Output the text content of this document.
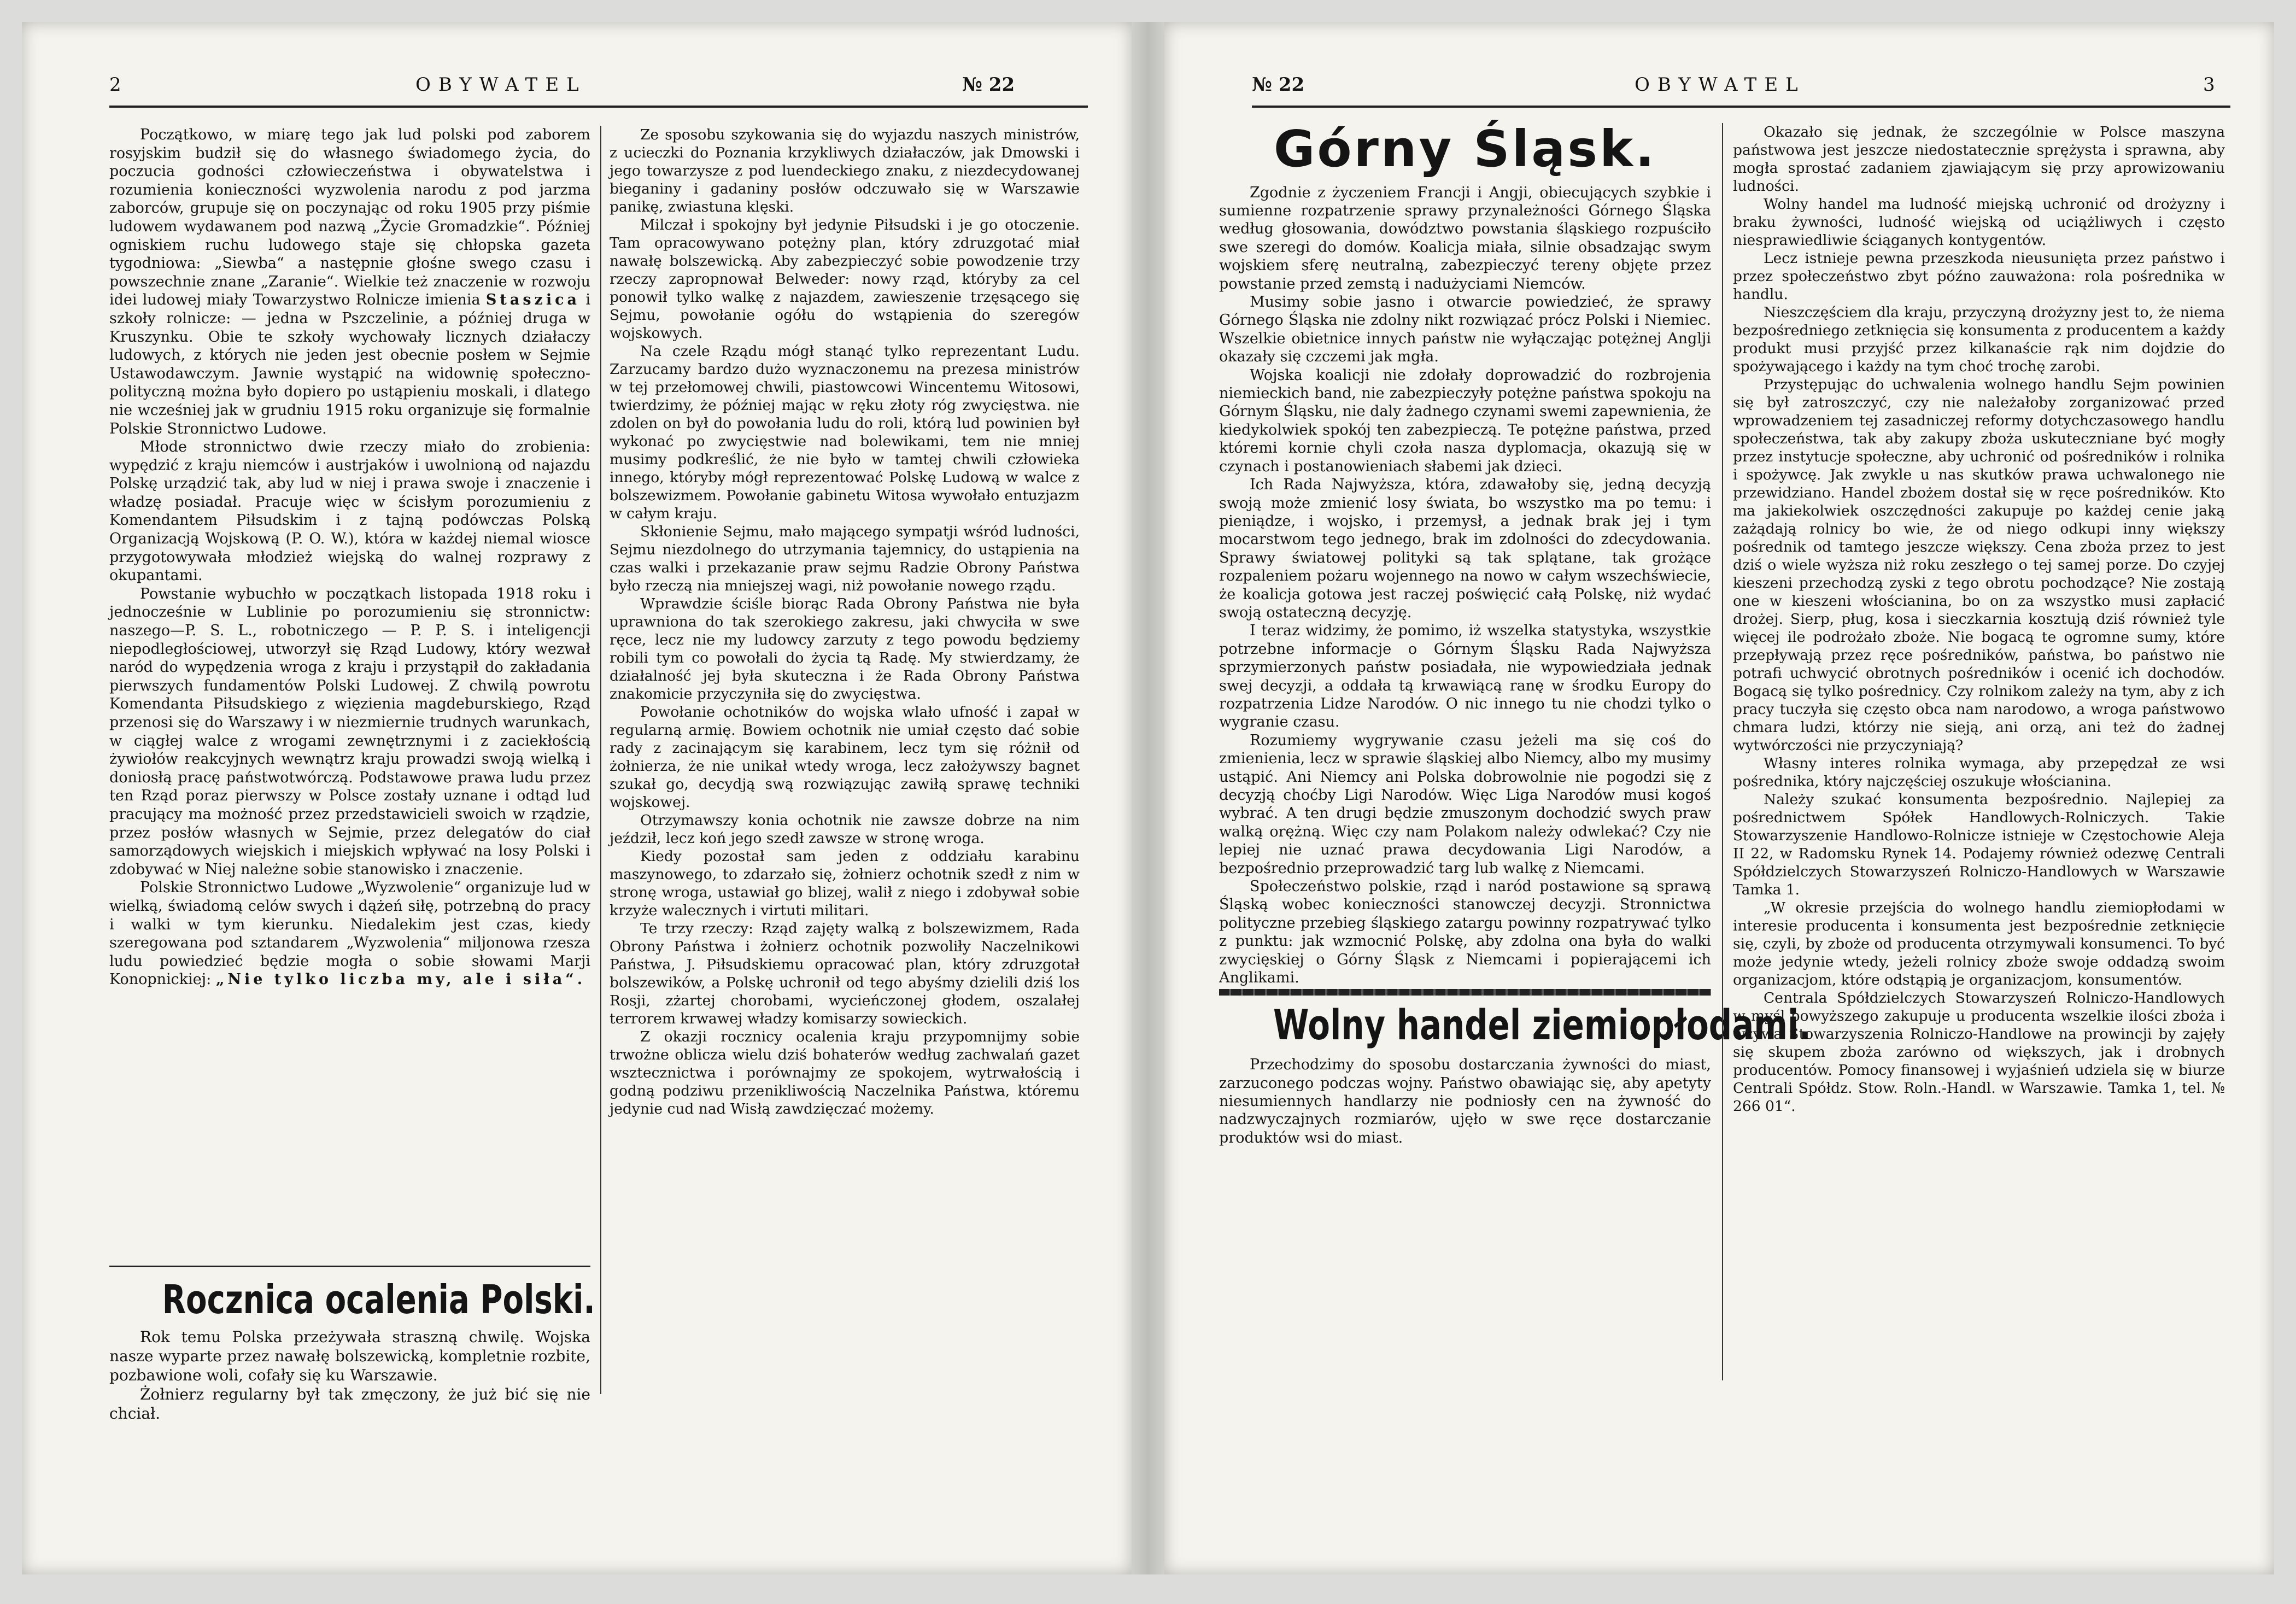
2	OBYWATEL	№ 22

Początkowo, w miarę tego jak lud polski pod zaborem rosyjskim budził się do własnego świadomego życia, do poczucia godności człowieczeństwa i obywatelstwa i rozumienia konieczności wyzwolenia narodu z pod jarzma zaborców, grupuje się on poczynając od roku 1905 przy piśmie ludowem wydawanem pod nazwą „Życie Gromadzkie“. Później ogniskiem ruchu ludowego staje się chłopska gazeta tygodniowa: „Siewba“ a następnie głośne swego czasu i powszechnie znane „Zaranie“. Wielkie też znaczenie w rozwoju idei ludowej miały Towarzystwo Rolnicze imienia Staszica i szkoły rolnicze: — jedna w Pszczelinie, a później druga w Kruszynku. Obie te szkoły wychowały licznych działaczy ludowych, z których nie jeden jest obecnie posłem w Sejmie Ustawodawczym. Jawnie wystąpić na widownię społeczno-polityczną można było dopiero po ustąpieniu moskali, i dlatego nie wcześniej jak w grudniu 1915 roku organizuje się formalnie Polskie Stronnictwo Ludowe.

Młode stronnictwo dwie rzeczy miało do zrobienia: wypędzić z kraju niemców i austrjaków i uwolnioną od najazdu Polskę urządzić tak, aby lud w niej i prawa swoje i znaczenie i władzę posiadał. Pracuje więc w ścisłym porozumieniu z Komendantem Piłsudskim i z tajną podówczas Polską Organizacją Wojskową (P. O. W.), która w każdej niemal wiosce przygotowywała młodzież wiejską do walnej rozprawy z okupantami.

Powstanie wybuchło w początkach listopada 1918 roku i jednocześnie w Lublinie po porozumieniu się stronnictw: naszego—P. S. L., robotniczego — P. P. S. i inteligencji niepodległościowej, utworzył się Rząd Ludowy, który wezwał naród do wypędzenia wroga z kraju i przystąpił do zakładania pierwszych fundamentów Polski Ludowej. Z chwilą powrotu Komendanta Piłsudskiego z więzienia magdeburskiego, Rząd przenosi się do Warszawy i w niezmiernie trudnych warunkach, w ciągłej walce z wrogami zewnętrznymi i z zaciekłością żywiołów reakcyjnych wewnątrz kraju prowadzi swoją wielką i doniosłą pracę państwotwórczą. Podstawowe prawa ludu przez ten Rząd poraz pierwszy w Polsce zostały uznane i odtąd lud pracujący ma możność przez przedstawicieli swoich w rządzie, przez posłów własnych w Sejmie, przez delegatów do ciał samorządowych wiejskich i miejskich wpływać na losy Polski i zdobywać w Niej należne sobie stanowisko i znaczenie.

Polskie Stronnictwo Ludowe „Wyzwolenie“ organizuje lud w wielką, świadomą celów swych i dążeń siłę, potrzebną do pracy i walki w tym kierunku. Niedalekim jest czas, kiedy szeregowana pod sztandarem „Wyzwolenia“ miljonowa rzesza ludu powiedzieć będzie mogła o sobie słowami Marji Konopnickiej: „Nie tylko liczba my, ale i siła“.

Rocznica ocalenia Polski.

Rok temu Polska przeżywała straszną chwilę. Wojska nasze wyparte przez nawałę bolszewicką, kompletnie rozbite, pozbawione woli, cofały się ku Warszawie.

Żołnierz regularny był tak zmęczony, że już bić się nie chciał.

Ze sposobu szykowania się do wyjazdu naszych ministrów, z ucieczki do Poznania krzykliwych działaczów, jak Dmowski i jego towarzysze z pod luendeckiego znaku, z niezdecydowanej bieganiny i gadaniny posłów odczuwało się w Warszawie panikę, zwiastuna klęski.

Milczał i spokojny był jedynie Piłsudski i je go otoczenie. Tam opracowywano potężny plan, który zdruzgotać miał nawałę bolszewicką. Aby zabezpieczyć sobie powodzenie trzy rzeczy zapropnował Belweder: nowy rząd, któryby za cel ponowił tylko walkę z najazdem, zawieszenie trzęsącego się Sejmu, powołanie ogółu do wstąpienia do szeregów wojskowych.

Na czele Rządu mógł stanąć tylko reprezentant Ludu. Zarzucamy bardzo dużo wyznaczonemu na prezesa ministrów w tej przełomowej chwili, piastowcowi Wincentemu Witosowi, twierdzimy, że później mając w ręku złoty róg zwycięstwa. nie zdolen on był do powołania ludu do roli, którą lud powinien był wykonać po zwycięstwie nad bolewikami, tem nie mniej musimy podkreślić, że nie było w tamtej chwili człowieka innego, któryby mógł reprezentować Polskę Ludową w walce z bolszewizmem. Powołanie gabinetu Witosa wywołało entuzjazm w całym kraju.

Skłonienie Sejmu, mało mającego sympatji wśród ludności, Sejmu niezdolnego do utrzymania tajemnicy, do ustąpienia na czas walki i przekazanie praw sejmu Radzie Obrony Państwa było rzeczą nia mniejszej wagi, niż powołanie nowego rządu.

Wprawdzie ściśle biorąc Rada Obrony Państwa nie była uprawniona do tak szerokiego zakresu, jaki chwyciła w swe ręce, lecz nie my ludowcy zarzuty z tego powodu będziemy robili tym co powołali do życia tą Radę. My stwierdzamy, że działalność jej była skuteczna i że Rada Obrony Państwa znakomicie przyczyniła się do zwycięstwa.

Powołanie ochotników do wojska wlało ufność i zapał w regularną armię. Bowiem ochotnik nie umiał często dać sobie rady z zacinającym się karabinem, lecz tym się różnił od żołnierza, że nie unikał wtedy wroga, lecz założywszy bagnet szukał go, decydją swą rozwiązując zawiłą sprawę techniki wojskowej.

Otrzymawszy konia ochotnik nie zawsze dobrze na nim jeździł, lecz koń jego szedł zawsze w stronę wroga.

Kiedy pozostał sam jeden z oddziału karabinu maszynowego, to zdarzało się, żołnierz ochotnik szedł z nim w stronę wroga, ustawiał go blizej, walił z niego i zdobywał sobie krzyże walecznych i virtuti militari.

Te trzy rzeczy: Rząd zajęty walką z bolszewizmem, Rada Obrony Państwa i żołnierz ochotnik pozwoliły Naczelnikowi Państwa, J. Piłsudskiemu opracować plan, który zdruzgotał bolszewików, a Polskę uchronił od tego abyśmy dzielili dziś los Rosji, zżartej chorobami, wycieńczonej głodem, oszalałej terrorem krwawej władzy komisarzy sowieckich.

Z okazji rocznicy ocalenia kraju przypomnijmy sobie trwożne oblicza wielu dziś bohaterów według zachwalań gazet wsztecznictwa i porównajmy ze spokojem, wytrwałością i godną podziwu przenikliwością Naczelnika Państwa, któremu jedynie cud nad Wisłą zawdzięczać możemy.

№ 22	OBYWATEL	3
Górny Śląsk.

Zgodnie z życzeniem Francji i Angji, obiecujących szybkie i sumienne rozpatrzenie sprawy przynależności Górnego Śląska według głosowania, dowództwo powstania śląskiego rozpuściło swe szeregi do domów. Koalicja miała, silnie obsadzając swym wojskiem sferę neutralną, zabezpieczyć tereny objęte przez powstanie przed zemstą i nadużyciami Niemców.

Musimy sobie jasno i otwarcie powiedzieć, że sprawy Górnego Śląska nie zdolny nikt rozwiązać prócz Polski i Niemiec. Wszelkie obietnice innych państw nie wyłączając potężnej Anglji okazały się czczemi jak mgła.

Wojska koalicji nie zdołały doprowadzić do rozbrojenia niemieckich band, nie zabezpieczyły potężne państwa spokoju na Górnym Śląsku, nie daly żadnego czynami swemi zapewnienia, że kiedykolwiek spokój ten zabezpieczą. Te potężne państwa, przed któremi kornie chyli czoła nasza dyplomacja, okazują się w czynach i postanowieniach słabemi jak dzieci.

Ich Rada Najwyższa, która, zdawałoby się, jedną decyzją swoją może zmienić losy świata, bo wszystko ma po temu: i pieniądze, i wojsko, i przemysł, a jednak brak jej i tym mocarstwom tego jednego, brak im zdolności do zdecydowania. Sprawy światowej polityki są tak splątane, tak grożące rozpaleniem pożaru wojennego na nowo w całym wszechświecie, że koalicja gotowa jest raczej poświęcić całą Polskę, niż wydać swoją ostateczną decyzję.

I teraz widzimy, że pomimo, iż wszelka statystyka, wszystkie potrzebne informacje o Górnym Śląsku Rada Najwyższa sprzymierzonych państw posiadała, nie wypowiedziała jednak swej decyzji, a oddała tą krwawiącą ranę w środku Europy do rozpatrzenia Lidze Narodów. O nic innego tu nie chodzi tylko o wygranie czasu.

Rozumiemy wygrywanie czasu jeżeli ma się coś do zmienienia, lecz w sprawie śląskiej albo Niemcy, albo my musimy ustąpić. Ani Niemcy ani Polska dobrowolnie nie pogodzi się z decyzją choćby Ligi Narodów. Więc Liga Narodów musi kogoś wybrać. A ten drugi będzie zmuszonym dochodzić swych praw walką orężną. Więc czy nam Polakom należy odwlekać? Czy nie lepiej nie uznać prawa decydowania Ligi Narodów, a bezpośrednio przeprowadzić targ lub walkę z Niemcami.

Społeczeństwo polskie, rząd i naród postawione są sprawą Śląską wobec konieczności stanowczej decyzji. Stronnictwa polityczne przebieg śląskiego zatargu powinny rozpatrywać tylko z punktu: jak wzmocnić Polskę, aby zdolna ona była do walki zwycięskiej o Górny Śląsk z Niemcami i popierającemi ich Anglikami.

Wolny handel ziemiopłodami.

Przechodzimy do sposobu dostarczania żywności do miast, zarzuconego podczas wojny. Państwo obawiając się, aby apetyty niesumiennych handlarzy nie podniosły cen na żywność do nadzwyczajnych rozmiarów, ujęło w swe ręce dostarczanie produktów wsi do miast.

Okazało się jednak, że szczególnie w Polsce maszyna państwowa jest jeszcze niedostatecznie sprężysta i sprawna, aby mogła sprostać zadaniem zjawiającym się przy aprowizowaniu ludności.

Wolny handel ma ludność miejską uchronić od drożyzny i braku żywności, ludność wiejską od uciążliwych i często niesprawiedliwie ściąganych kontygentów.

Lecz istnieje pewna przeszkoda nieusunięta przez państwo i przez społeczeństwo zbyt późno zauważona: rola pośrednika w handlu.

Nieszczęściem dla kraju, przyczyną drożyzny jest to, że niema bezpośredniego zetknięcia się konsumenta z producentem a każdy produkt musi przyjść przez kilkanaście rąk nim dojdzie do spożywającego i każdy na tym choć trochę zarobi.

Przystępując do uchwalenia wolnego handlu Sejm powinien się był zatroszczyć, czy nie należałoby zorganizować przed wprowadzeniem tej zasadniczej reformy dotychczasowego handlu społeczeństwa, tak aby zakupy zboża uskuteczniane być mogły przez instytucje społeczne, aby uchronić od pośredników i rolnika i spożywcę. Jak zwykle u nas skutków prawa uchwalonego nie przewidziano. Handel zbożem dostał się w ręce pośredników. Kto ma jakiekolwiek oszczędności zakupuje po każdej cenie jaką zażądają rolnicy bo wie, że od niego odkupi inny większy pośrednik od tamtego jeszcze większy. Cena zboża przez to jest dziś o wiele wyższa niż roku zeszłego o tej samej porze. Do czyjej kieszeni przechodzą zyski z tego obrotu pochodzące? Nie zostają one w kieszeni włościanina, bo on za wszystko musi zapłacić drożej. Sierp, pług, kosa i sieczkarnia kosztują dziś również tyle więcej ile podrożało zboże. Nie bogacą te ogromne sumy, które przepływają przez ręce pośredników, państwa, bo państwo nie potrafi uchwycić obrotnych pośredników i ocenić ich dochodów. Bogacą się tylko pośrednicy. Czy rolnikom zależy na tym, aby z ich pracy tuczyła się często obca nam narodowo, a wroga państwowo chmara ludzi, którzy nie sieją, ani orzą, ani też do żadnej wytwórczości nie przyczyniają?

Własny interes rolnika wymaga, aby przepędzał ze wsi pośrednika, który najczęściej oszukuje włościanina.

Należy szukać konsumenta bezpośrednio. Najlepiej za pośrednictwem Spółek Handlowych-Rolniczych. Takie Stowarzyszenie Handlowo-Rolnicze istnieje w Częstochowie Aleja II 22, w Radomsku Rynek 14. Podajemy również odezwę Centrali Spółdzielczych Stowarzyszeń Rolniczo-Handlowych w Warszawie Tamka 1.

„W okresie przejścia do wolnego handlu ziemiopłodami w interesie producenta i konsumenta jest bezpośrednie zetknięcie się, czyli, by zboże od producenta otrzymywali konsumenci. To być może jedynie wtedy, jeżeli rolnicy zboże swoje oddadzą swoim organizacjom, które odstąpią je organizacjom, konsumentów.

Centrala Spółdzielczych Stowarzyszeń Rolniczo-Handlowych w myśl powyższego zakupuje u producenta wszelkie ilości zboża i wzywa Stowarzyszenia Rolniczo-Handlowe na prowincji by zajęły się skupem zboża zarówno od większych, jak i drobnych producentów. Pomocy finansowej i wyjaśnień udziela się w biurze Centrali Spółdz. Stow. Roln.-Handl. w Warszawie. Tamka 1, tel. № 266 01“.
